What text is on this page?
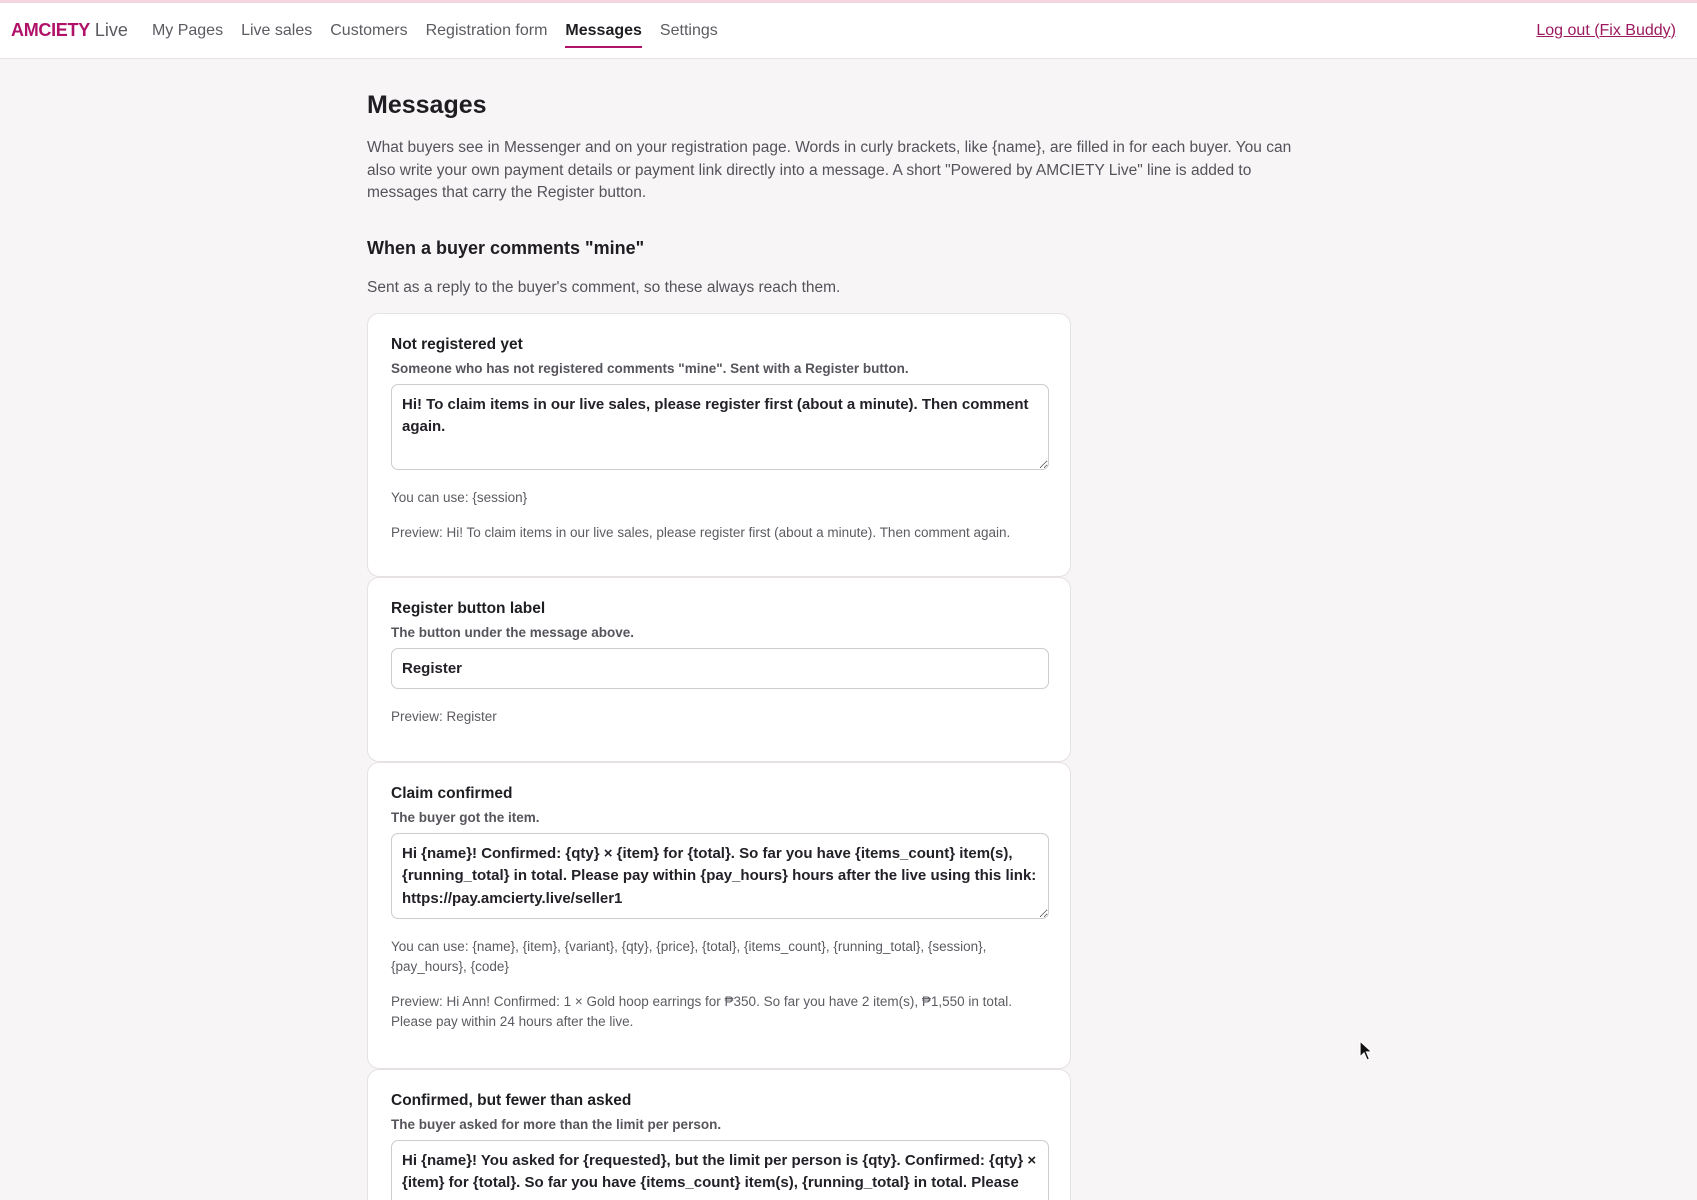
AMCIETY Live My Pages Live sales Customers Registration form Messages Settings	Log out (Fix Buddy)
Messages

What buyers see in Messenger and on your registration page. Words in curly brackets, like {name}, are filled in for each buyer. You can also write your own payment details or payment link directly into a message. A short "Powered by AMCIETY Live" line is added to messages that carry the Register button.

When a buyer comments "mine"

Sent as a reply to the buyer's comment, so these always reach them.

Not registered yet
Someone who has not registered comments "mine". Sent with a Register button.
Hi! To claim items in our live sales, please register first (about a minute). Then comment again.
You can use: {session}
Preview: Hi! To claim items in our live sales, please register first (about a minute). Then comment again.
Register button label
The button under the message above.
Register
Preview: Register
Claim confirmed
The buyer got the item.
Hi {name}! Confirmed: {qty} × {item} for {total}. So far you have {items_count} item(s), {running_total} in total. Please pay within {pay_hours} hours after the live using this link: https://pay.amcierty.live/seller1
You can use: {name}, {item}, {variant}, {qty}, {price}, {total}, {items_count}, {running_total}, {session}, {pay_hours}, {code}
Preview: Hi Ann! Confirmed: 1 × Gold hoop earrings for ₱350. So far you have 2 item(s), ₱1,550 in total. Please pay within 24 hours after the live.
Confirmed, but fewer than asked
The buyer asked for more than the limit per person.
Hi {name}! You asked for {requested}, but the limit per person is {qty}. Confirmed: {qty} × {item} for {total}. So far you have {items_count} item(s), {running_total} in total. Please pay
